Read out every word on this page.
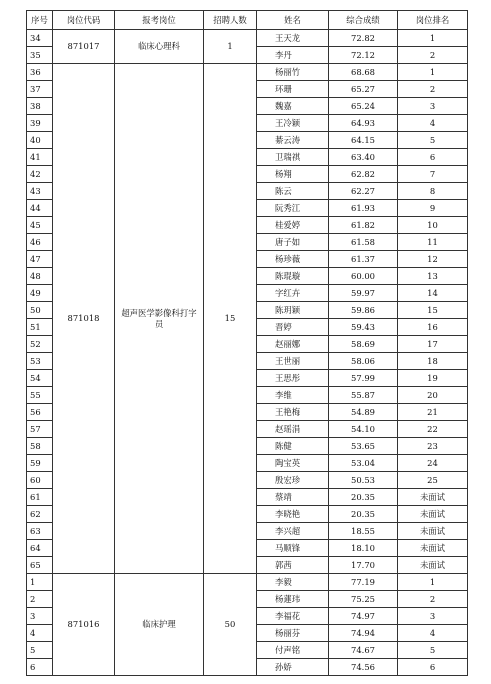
序号	岗位代码	报考岗位	招聘人数	姓名	综合成绩	岗位排名
34	871017	临床心理科	1	王天龙	72.82	1
35				李丹	72.12	2
36	871018	超声医学影像科打字员	15	杨丽竹	68.68	1
37				环珊	65.27	2
38				魏嘉	65.24	3
39				王冷颖	64.93	4
40				綦云涛	64.15	5
41				卫瑞祺	63.40	6
42				杨翔	62.82	7
43				陈云	62.27	8
44				阮秀江	61.93	9
45				桂爱婷	61.82	10
46				唐子如	61.58	11
47				杨珍薇	61.37	12
48				陈琨璇	60.00	13
49				字红卉	59.97	14
50				陈玥颖	59.86	15
51				晋婷	59.43	16
52				赵丽娜	58.69	17
53				王世丽	58.06	18
54				王思彤	57.99	19
55				李维	55.87	20
56				王艳梅	54.89	21
57				赵瑶涓	54.10	22
58				陈健	53.65	23
59				陶宝英	53.04	24
60				殷宏珍	50.53	25
61				蔡靖	20.35	未面试
62				李晓艳	20.35	未面试
63				李兴超	18.55	未面试
64				马顺锋	18.10	未面试
65				郭茜	17.70	未面试
1	871016	临床护理	50	李毅	77.19	1
2				杨蓮玮	75.25	2
3				李福花	74.97	3
4				杨丽芬	74.94	4
5				付声铭	74.67	5
6				孙娇	74.56	6
